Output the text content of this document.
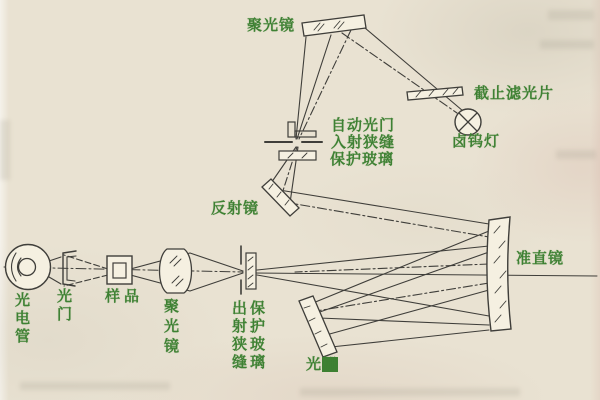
聚光镜
截止滤光片
卤钨灯
自动光门
入射狭缝
保护玻璃
反射镜
样品
准直镜
光栅
光电管 光门	聚光镜	出射狭缝 保护玻璃
